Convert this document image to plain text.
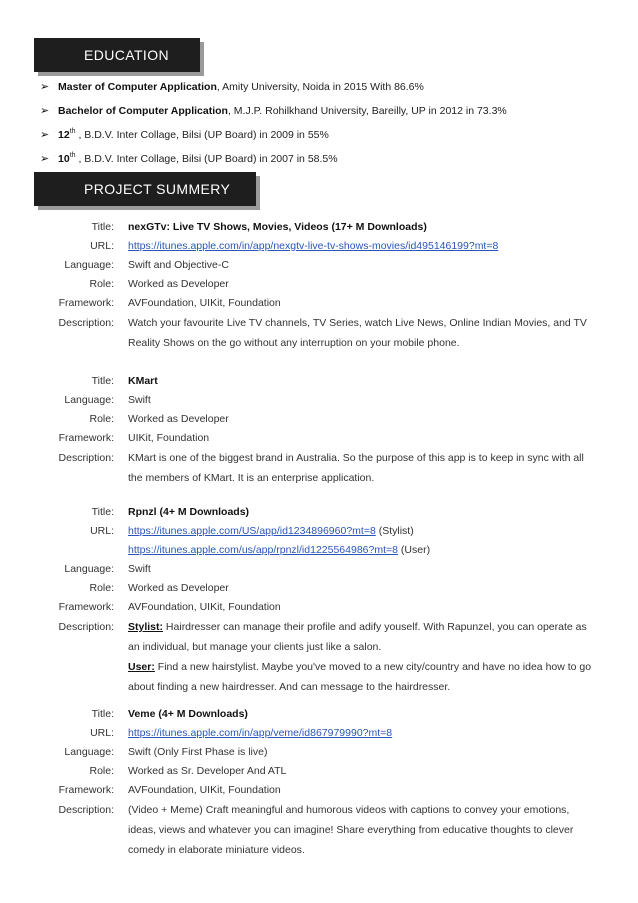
EDUCATION
➢ Master of Computer Application, Amity University, Noida in 2015 With 86.6%
➢ Bachelor of Computer Application, M.J.P. Rohilkhand University, Bareilly, UP in 2012 in 73.3%
➢ 12th , B.D.V. Inter Collage, Bilsi (UP Board) in 2009 in 55%
➢ 10th , B.D.V. Inter Collage, Bilsi (UP Board) in 2007 in 58.5%
PROJECT SUMMERY
Title:	nexGTv: Live TV Shows, Movies, Videos (17+ M Downloads)
URL:	https://itunes.apple.com/in/app/nexgtv-live-tv-shows-movies/id495146199?mt=8
Language:	Swift and Objective-C
Role:	Worked as Developer
Framework:	AVFoundation, UIKit, Foundation
Description:	Watch your favourite Live TV channels, TV Series, watch Live News, Online Indian Movies, and TV Reality Shows on the go without any interruption on your mobile phone.
Title:	KMart
Language:	Swift
Role:	Worked as Developer
Framework:	UIKit, Foundation
Description:	KMart is one of the biggest brand in Australia. So the purpose of this app is to keep in sync with all the members of KMart. It is an enterprise application.
Title:	Rpnzl (4+ M Downloads)
URL:	https://itunes.apple.com/US/app/id1234896960?mt=8 (Stylist)
https://itunes.apple.com/us/app/rpnzl/id1225564986?mt=8 (User)
Language:	Swift
Role:	Worked as Developer
Framework:	AVFoundation, UIKit, Foundation
Description:	Stylist: Hairdresser can manage their profile and adify youself. With Rapunzel, you can operate as an individual, but manage your clients just like a salon.
User: Find a new hairstylist. Maybe you've moved to a new city/country and have no idea how to go about finding a new hairdresser. And can message to the hairdresser.
Title:	Veme (4+ M Downloads)
URL:	https://itunes.apple.com/in/app/veme/id867979990?mt=8
Language:	Swift (Only First Phase is live)
Role:	Worked as Sr. Developer And ATL
Framework:	AVFoundation, UIKit, Foundation
Description:	(Video + Meme) Craft meaningful and humorous videos with captions to convey your emotions, ideas, views and whatever you can imagine! Share everything from educative thoughts to clever comedy in elaborate miniature videos.
